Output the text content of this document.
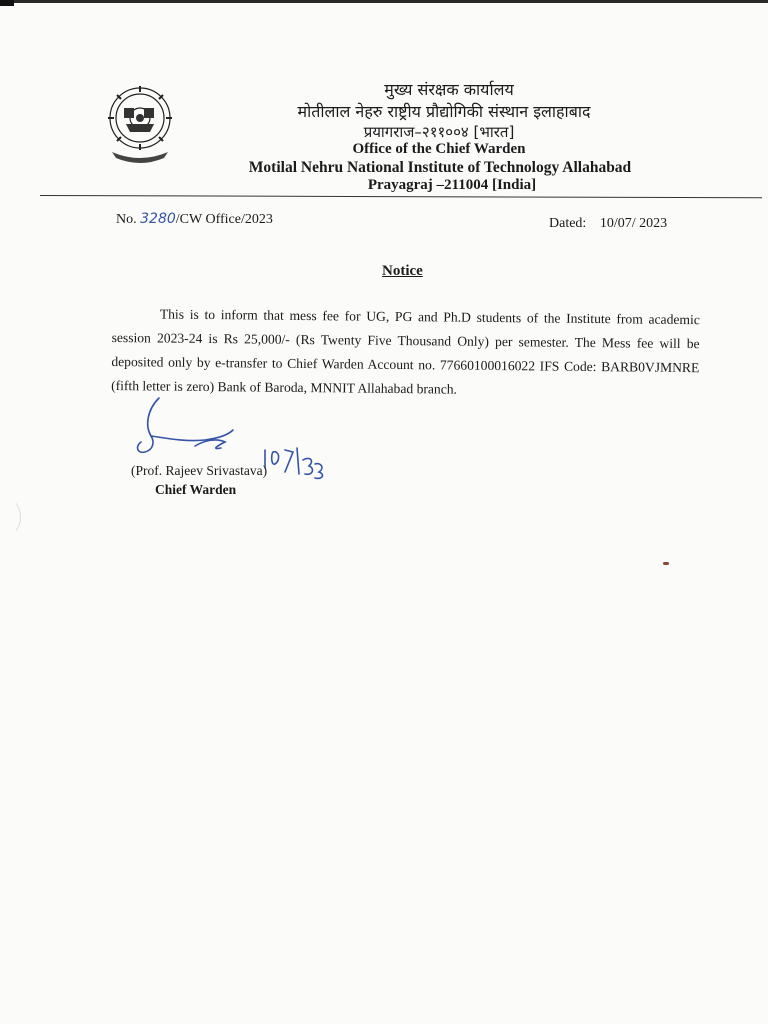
मुख्य संरक्षक कार्यालय
मोतीलाल नेहरु राष्ट्रीय प्रौद्योगिकी संस्थान इलाहाबाद
प्रयागराज–२११००४ [भारत]
Office of the Chief Warden
Motilal Nehru National Institute of Technology Allahabad
Prayagraj –211004 [India]
No. 3280/CW Office/2023	Dated: 10/07/ 2023
Notice
This is to inform that mess fee for UG, PG and Ph.D students of the Institute from academic session 2023-24 is Rs 25,000/- (Rs Twenty Five Thousand Only) per semester. The Mess fee will be deposited only by e-transfer to Chief Warden Account no. 77660100016022 IFS Code: BARB0VJMNRE (fifth letter is zero) Bank of Baroda, MNNIT Allahabad branch.
(Prof. Rajeev Srivastava)
Chief Warden
